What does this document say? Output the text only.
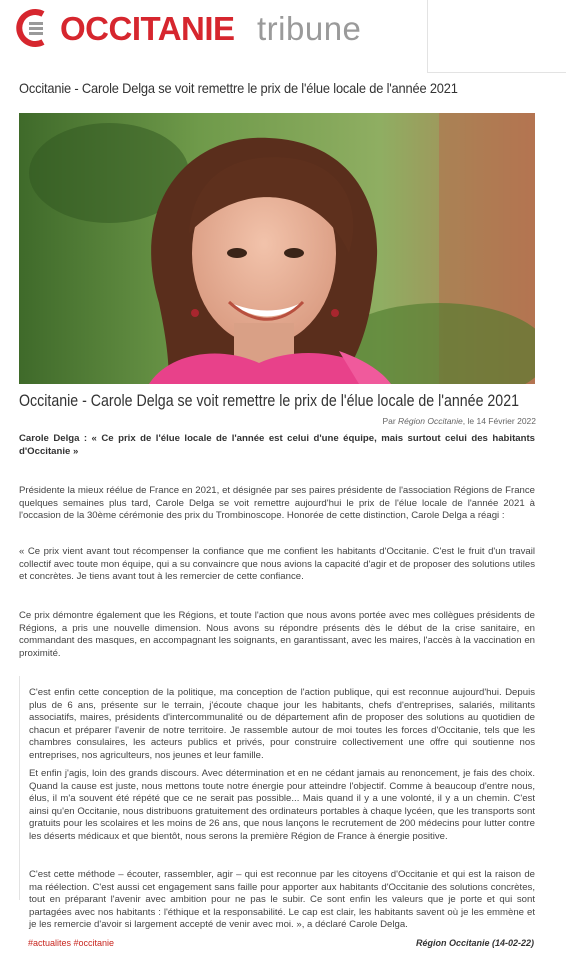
OCCITANIE tribune
Occitanie - Carole Delga se voit remettre le prix de l'élue locale de l'année 2021
Occitanie - Carole Delga se voit remettre le prix de l'élue locale de l'année 2021
Par Région Occitanie, le 14 Février 2022
Carole Delga : « Ce prix de l'élue locale de l'année est celui d'une équipe, mais surtout celui des habitants d'Occitanie »
Présidente la mieux réélue de France en 2021, et désignée par ses paires présidente de l'association Régions de France quelques semaines plus tard, Carole Delga se voit remettre aujourd'hui le prix de l'élue locale de l'année 2021 à l'occasion de la 30ème cérémonie des prix du Trombinoscope. Honorée de cette distinction, Carole Delga a réagi :
« Ce prix vient avant tout récompenser la confiance que me confient les habitants d'Occitanie. C'est le fruit d'un travail collectif avec toute mon équipe, qui a su convaincre que nous avions la capacité d'agir et de proposer des solutions utiles et concrètes. Je tiens avant tout à les remercier de cette confiance.
Ce prix démontre également que les Régions, et toute l'action que nous avons portée avec mes collègues présidents de Régions, a pris une nouvelle dimension. Nous avons su répondre présents dès le début de la crise sanitaire, en commandant des masques, en accompagnant les soignants, en garantissant, avec les maires, l'accès à la vaccination en proximité.
C'est enfin cette conception de la politique, ma conception de l'action publique, qui est reconnue aujourd'hui. Depuis plus de 6 ans, présente sur le terrain, j'écoute chaque jour les habitants, chefs d'entreprises, salariés, militants associatifs, maires, présidents d'intercommunalité ou de département afin de proposer des solutions au quotidien de chacun et préparer l'avenir de notre territoire. Je rassemble autour de moi toutes les forces d'Occitanie, tels que les chambres consulaires, les acteurs publics et privés, pour construire collectivement une offre qui soutienne nos entreprises, nos agriculteurs, nos jeunes et leur famille.
Et enfin j'agis, loin des grands discours. Avec détermination et en ne cédant jamais au renoncement, je fais des choix. Quand la cause est juste, nous mettons toute notre énergie pour atteindre l'objectif. Comme à beaucoup d'entre nous, élus, il m'a souvent été répété que ce ne serait pas possible... Mais quand il y a une volonté, il y a un chemin. C'est ainsi qu'en Occitanie, nous distribuons gratuitement des ordinateurs portables à chaque lycéen, que les transports sont gratuits pour les scolaires et les moins de 26 ans, que nous lançons le recrutement de 200 médecins pour lutter contre les déserts médicaux et que bientôt, nous serons la première Région de France à énergie positive.
C'est cette méthode – écouter, rassembler, agir – qui est reconnue par les citoyens d'Occitanie et qui est la raison de ma réélection. C'est aussi cet engagement sans faille pour apporter aux habitants d'Occitanie des solutions concrètes, tout en préparant l'avenir avec ambition pour ne pas le subir. Ce sont enfin les valeurs que je porte et qui sont partagées avec nos habitants : l'éthique et la responsabilité. Le cap est clair, les habitants savent où je les emmène et je les remercie d'avoir si largement accepté de venir avec moi. », a déclaré Carole Delga.
#actualites #occitanie	Région Occitanie (14-02-22)
